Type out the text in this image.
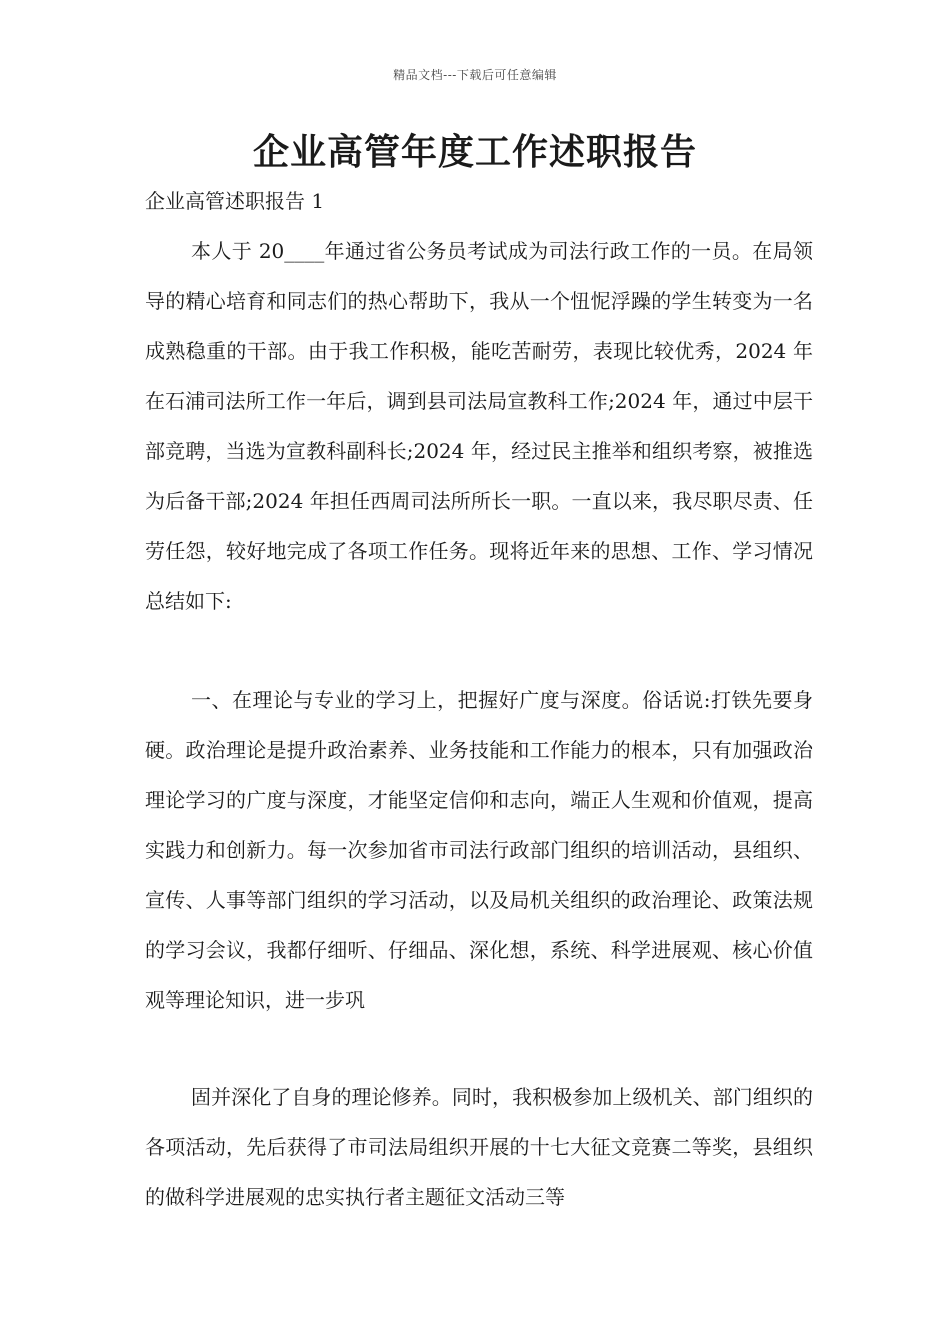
精品文档---下载后可任意编辑
企业高管年度工作述职报告

企业高管述职报告 1

本人于 20____年通过省公务员考试成为司法行政工作的一员。在局领导的精心培育和同志们的热心帮助下，我从一个忸怩浮躁的学生转变为一名成熟稳重的干部。由于我工作积极，能吃苦耐劳，表现比较优秀，2024 年在石浦司法所工作一年后，调到县司法局宣教科工作;2024 年，通过中层干部竞聘，当选为宣教科副科长;2024 年，经过民主推举和组织考察，被推选为后备干部;2024 年担任西周司法所所长一职。一直以来，我尽职尽责、任劳任怨，较好地完成了各项工作任务。现将近年来的思想、工作、学习情况总结如下:

一、在理论与专业的学习上，把握好广度与深度。俗话说:打铁先要身硬。政治理论是提升政治素养、业务技能和工作能力的根本，只有加强政治理论学习的广度与深度，才能坚定信仰和志向，端正人生观和价值观，提高实践力和创新力。每一次参加省市司法行政部门组织的培训活动，县组织、宣传、人事等部门组织的学习活动，以及局机关组织的政治理论、政策法规的学习会议，我都仔细听、仔细品、深化想，系统、科学进展观、核心价值观等理论知识，进一步巩

固并深化了自身的理论修养。同时，我积极参加上级机关、部门组织的各项活动，先后获得了市司法局组织开展的十七大征文竞赛二等奖，县组织的做科学进展观的忠实执行者主题征文活动三等
